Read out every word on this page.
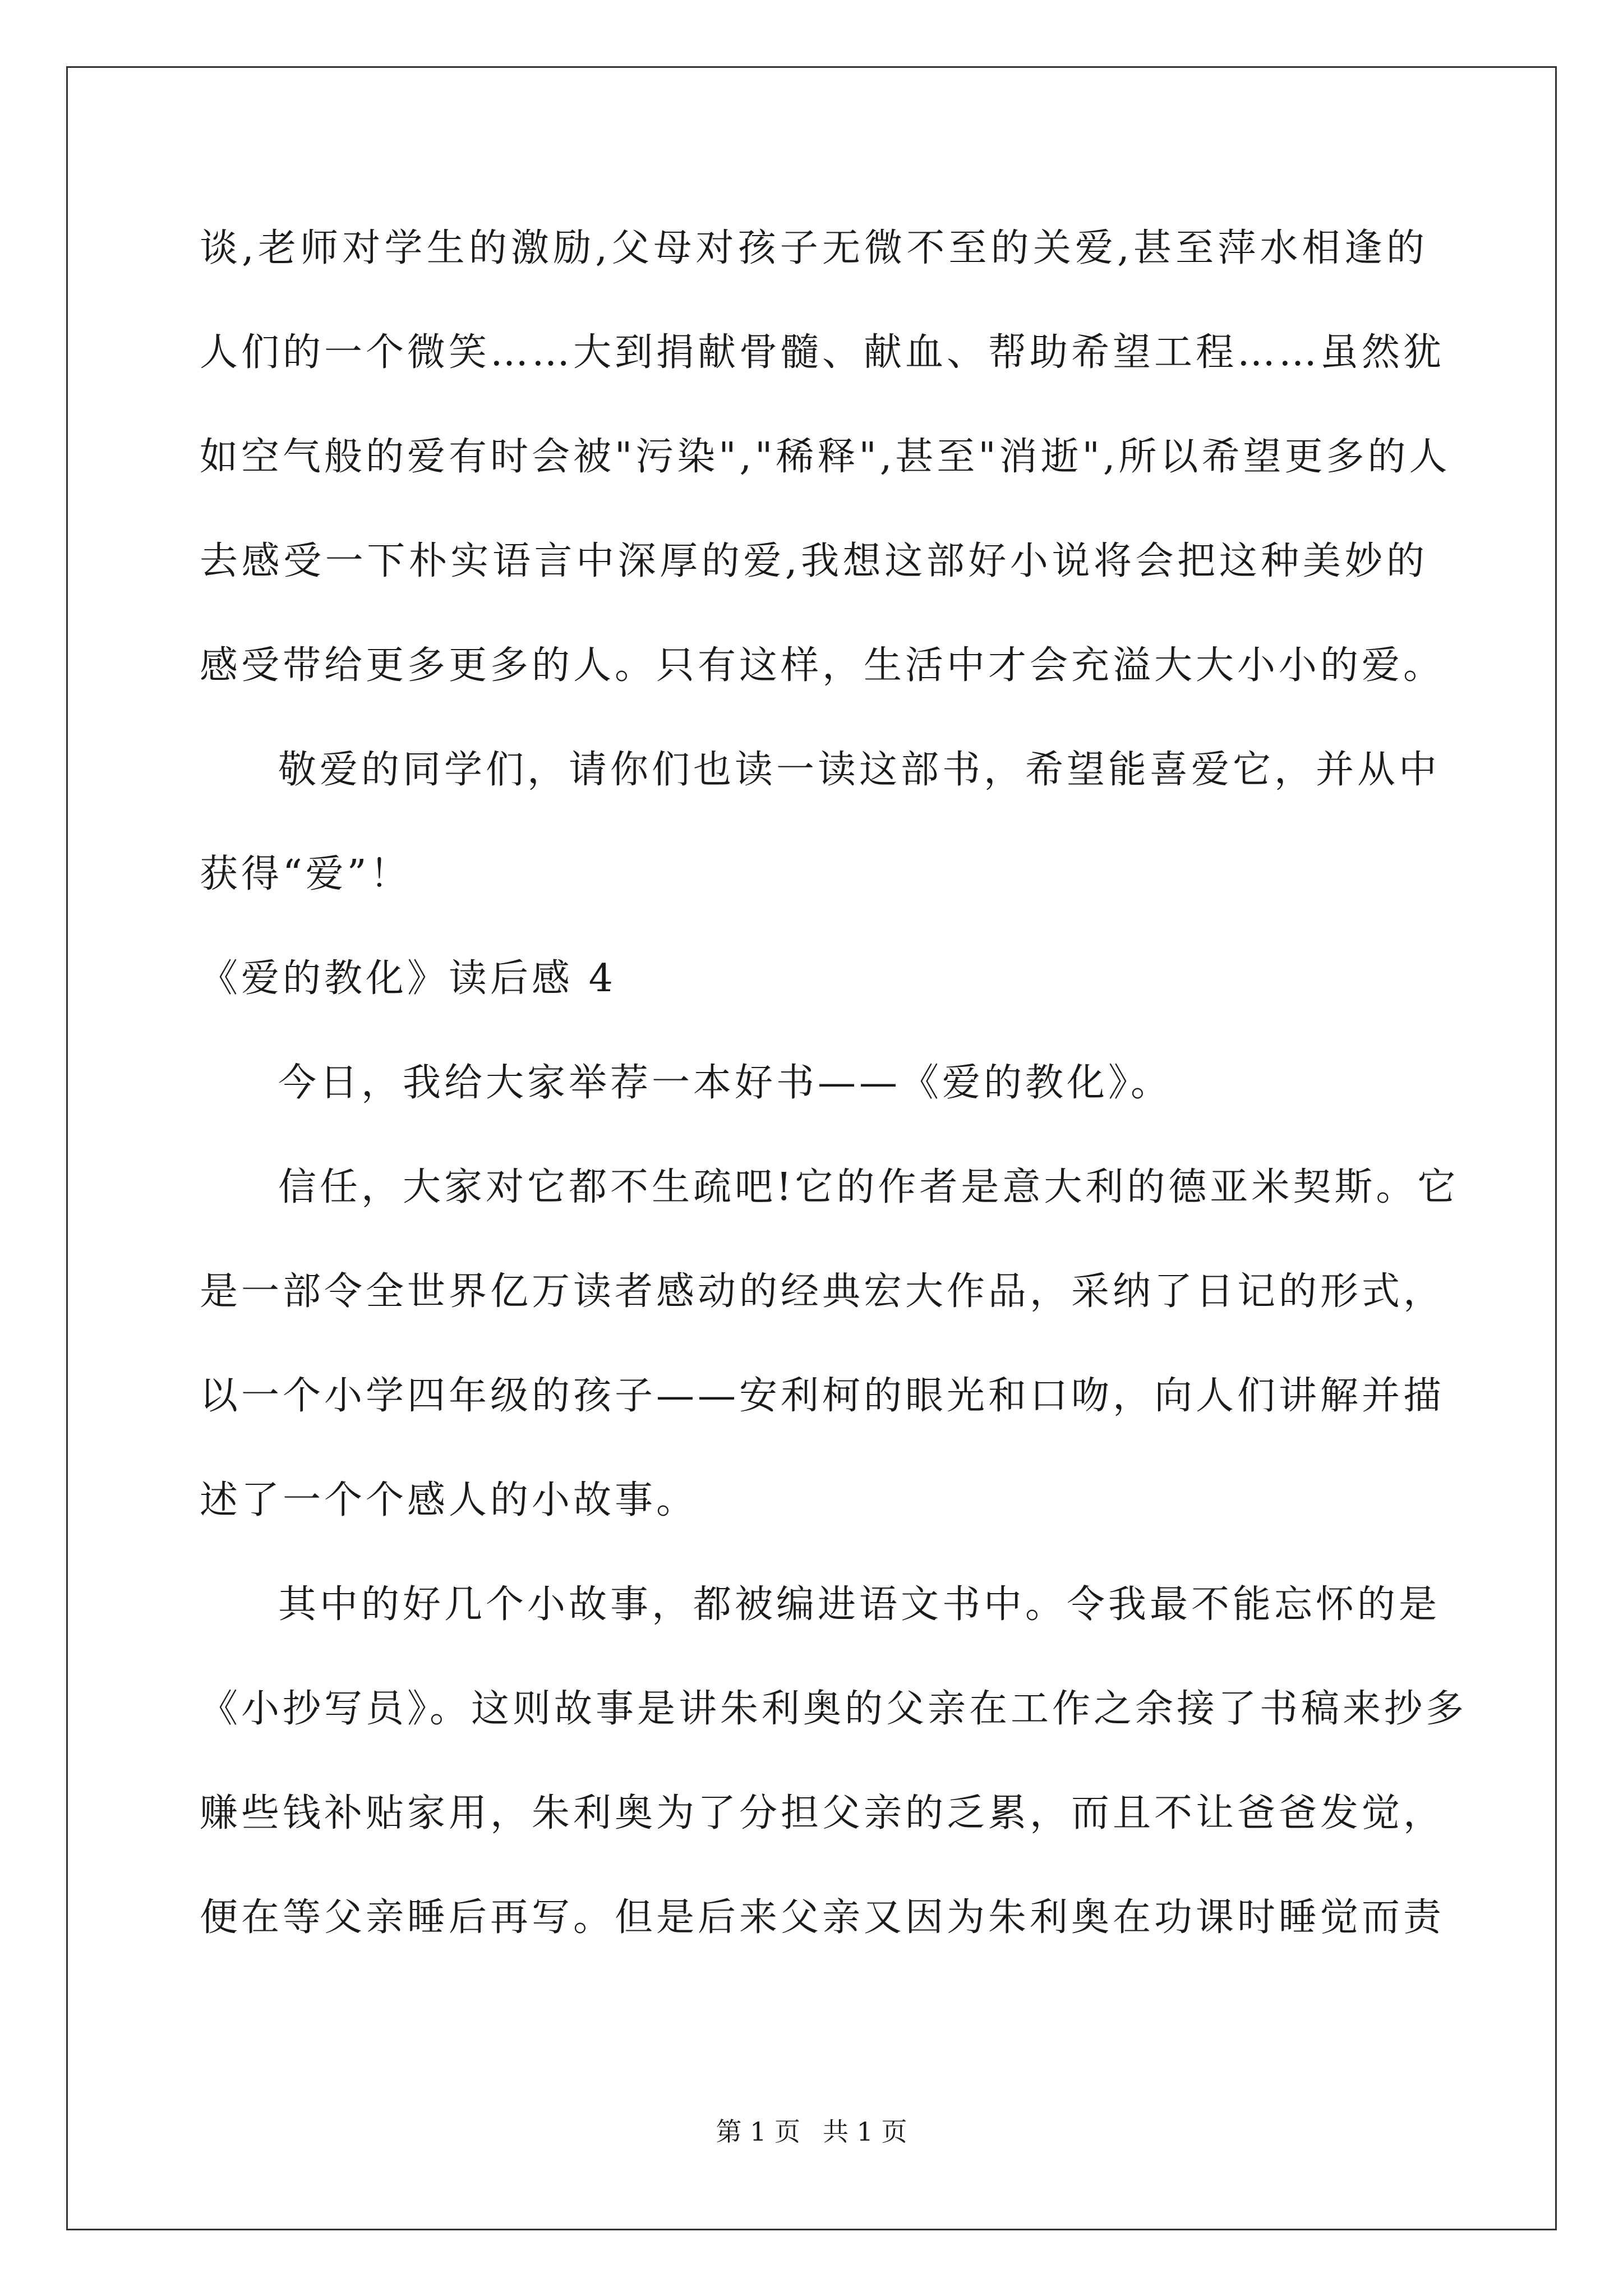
谈,老师对学生的激励,父母对孩子无微不至的关爱,甚至萍水相逢的
人们的一个微笑……大到捐献骨髓、献血、帮助希望工程……虽然犹
如空气般的爱有时会被"污染","稀释",甚至"消逝",所以希望更多的人
去感受一下朴实语言中深厚的爱,我想这部好小说将会把这种美妙的
感受带给更多更多的人。只有这样，生活中才会充溢大大小小的爱。
敬爱的同学们，请你们也读一读这部书，希望能喜爱它，并从中
获得“爱”！
《爱的教化》读后感 4
今日，我给大家举荐一本好书——《爱的教化》。
信任，大家对它都不生疏吧!它的作者是意大利的德亚米契斯。它
是一部令全世界亿万读者感动的经典宏大作品，采纳了日记的形式，
以一个小学四年级的孩子——安利柯的眼光和口吻，向人们讲解并描
述了一个个感人的小故事。
其中的好几个小故事，都被编进语文书中。令我最不能忘怀的是
《小抄写员》。这则故事是讲朱利奥的父亲在工作之余接了书稿来抄多
赚些钱补贴家用，朱利奥为了分担父亲的乏累，而且不让爸爸发觉，
便在等父亲睡后再写。但是后来父亲又因为朱利奥在功课时睡觉而责
第 1 页 共 1 页
